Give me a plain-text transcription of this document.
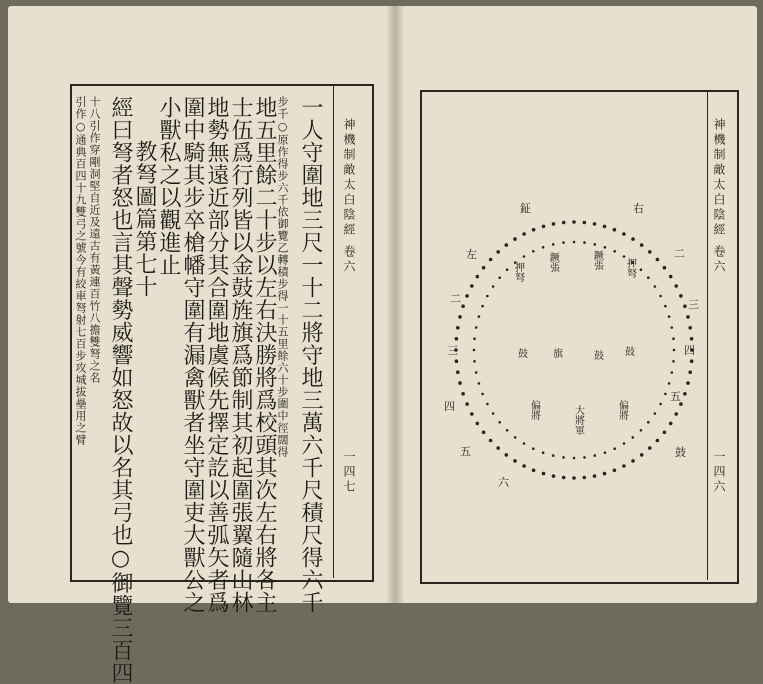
神機制敵太白陰經
卷六
一四七
一人守圍地三尺一十二將守地三萬六千尺積尺得六千
步千○原作得步六千依御覽乙轉積步得一十五里餘六十步圍中徑闊得
地五里餘二十步以左右決勝將爲校頭其次左右將各主
士伍爲行列皆以金鼓旌旗爲節制其初起圍張翼隨山林
地勢無遠近部分其合圍地虞候先擇定訖以善弧矢者爲
圍中騎其步卒槍幡守圍有漏禽獸者坐守圍吏大獸公之
小獸私之以觀進止
教弩圖篇第七十
經曰弩者怒也言其聲勢威響如怒故以名其弓也○御覽三百四
十八引作穿剛洞堅自近及遠古有黃連百竹八擔雙弩之名
引作○通典百四十九雙弓之號今有絞車弩射七百步攻城拔壘用之臂	神機制敵太白陰經
卷六
一四六
鉦	右
二
三
四
五
左
二
三
四
五
六
鼓
押弩 蹶張	蹶張 押弩
鼓 旗	鼓 鼓
偏將	大將軍	偏將
